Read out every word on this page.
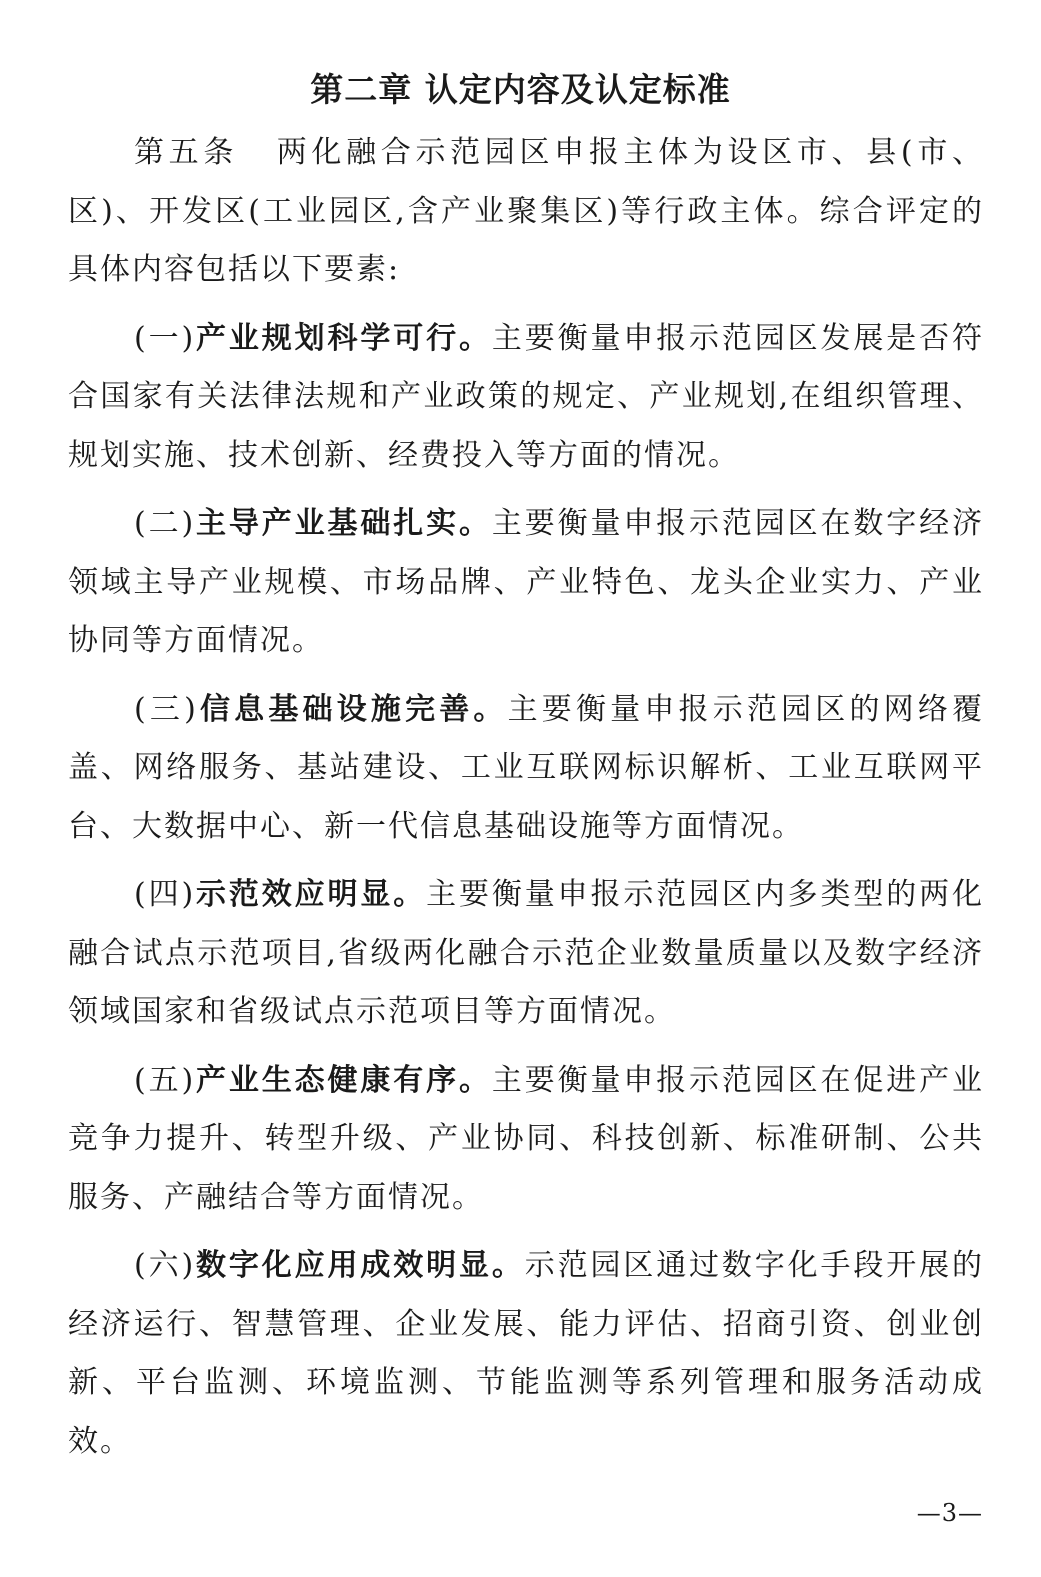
第二章 认定内容及认定标准

第五条 两化融合示范园区申报主体为设区市、县(市、区)、开发区(工业园区,含产业聚集区)等行政主体。综合评定的具体内容包括以下要素:

(一)产业规划科学可行。主要衡量申报示范园区发展是否符合国家有关法律法规和产业政策的规定、产业规划,在组织管理、规划实施、技术创新、经费投入等方面的情况。

(二)主导产业基础扎实。主要衡量申报示范园区在数字经济领域主导产业规模、市场品牌、产业特色、龙头企业实力、产业协同等方面情况。

(三)信息基础设施完善。主要衡量申报示范园区的网络覆盖、网络服务、基站建设、工业互联网标识解析、工业互联网平台、大数据中心、新一代信息基础设施等方面情况。

(四)示范效应明显。主要衡量申报示范园区内多类型的两化融合试点示范项目,省级两化融合示范企业数量质量以及数字经济领域国家和省级试点示范项目等方面情况。

(五)产业生态健康有序。主要衡量申报示范园区在促进产业竞争力提升、转型升级、产业协同、科技创新、标准研制、公共服务、产融结合等方面情况。

(六)数字化应用成效明显。示范园区通过数字化手段开展的经济运行、智慧管理、企业发展、能力评估、招商引资、创业创新、平台监测、环境监测、节能监测等系列管理和服务活动成效。

—3—
